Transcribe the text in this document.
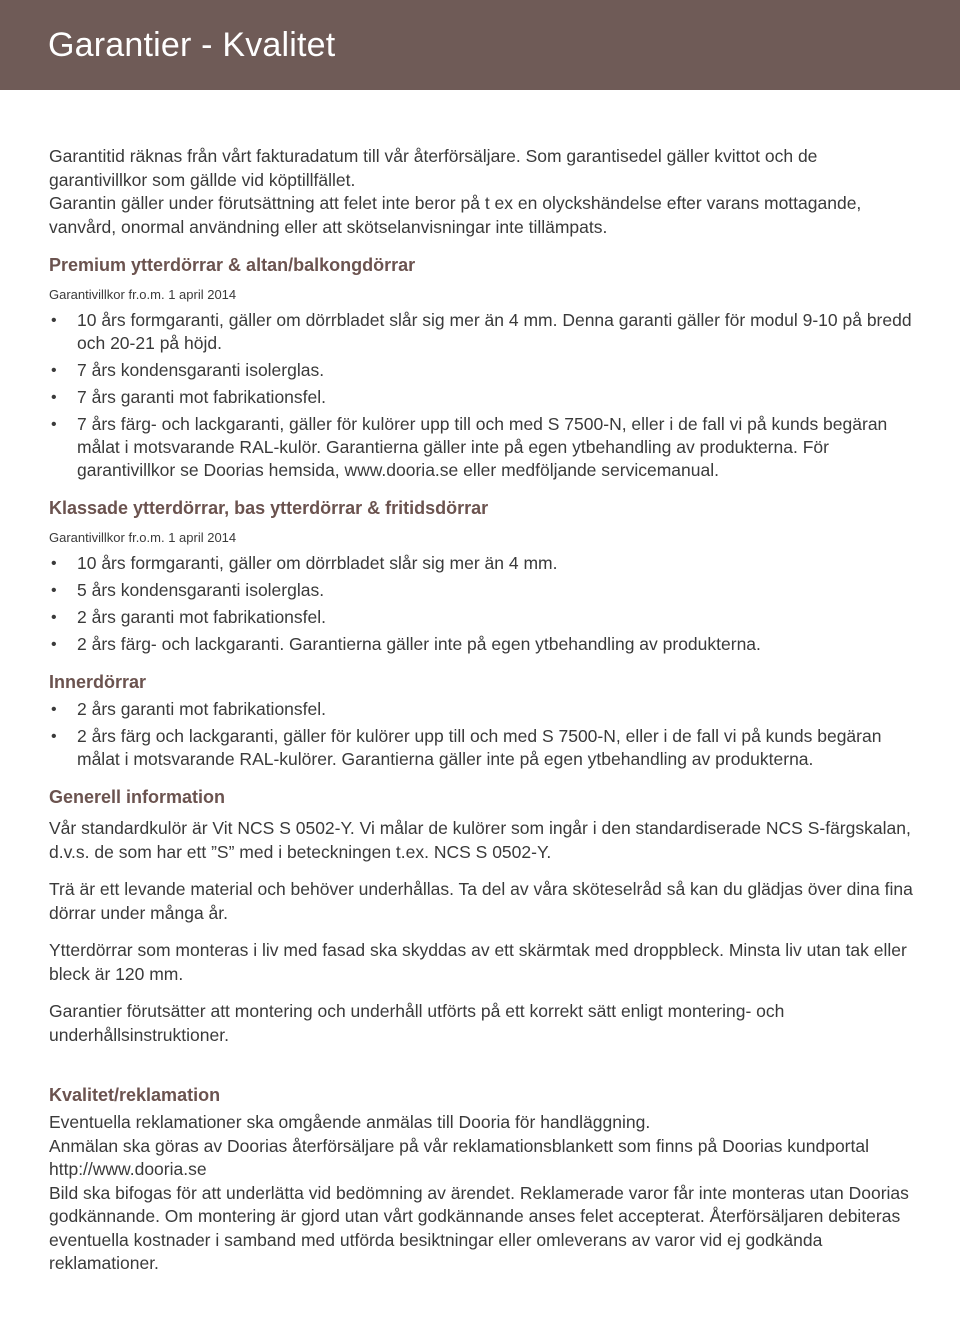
Garantier - Kvalitet

Garantitid räknas från vårt fakturadatum till vår återförsäljare. Som garantisedel gäller kvittot och de garantivillkor som gällde vid köptillfället.

Garantin gäller under förutsättning att felet inte beror på t ex en olyckshändelse efter varans mottagande, vanvård, onormal användning eller att skötselanvisningar inte tillämpats.

Premium ytterdörrar & altan/balkongdörrar
Garantivillkor fr.o.m. 1 april 2014
• 10 års formgaranti, gäller om dörrbladet slår sig mer än 4 mm. Denna garanti gäller för modul 9-10 på bredd och 20-21 på höjd.
• 7 års kondensgaranti isolerglas.
• 7 års garanti mot fabrikationsfel.
• 7 års färg- och lackgaranti, gäller för kulörer upp till och med S 7500-N, eller i de fall vi på kunds begäran målat i motsvarande RAL-kulör. Garantierna gäller inte på egen ytbehandling av produkterna. För garantivillkor se Doorias hemsida, www.dooria.se eller medföljande servicemanual.
Klassade ytterdörrar, bas ytterdörrar & fritidsdörrar
Garantivillkor fr.o.m. 1 april 2014
• 10 års formgaranti, gäller om dörrbladet slår sig mer än 4 mm.
• 5 års kondensgaranti isolerglas.
• 2 års garanti mot fabrikationsfel.
• 2 års färg- och lackgaranti. Garantierna gäller inte på egen ytbehandling av produkterna.
Innerdörrar
• 2 års garanti mot fabrikationsfel.
• 2 års färg och lackgaranti, gäller för kulörer upp till och med S 7500-N, eller i de fall vi på kunds begäran målat i motsvarande RAL-kulörer. Garantierna gäller inte på egen ytbehandling av produkterna.
Generell information

Vår standardkulör är Vit NCS S 0502-Y. Vi målar de kulörer som ingår i den standardiserade NCS S-färgskalan, d.v.s. de som har ett ”S” med i beteckningen t.ex. NCS S 0502-Y.

Trä är ett levande material och behöver underhållas. Ta del av våra sköteselråd så kan du glädjas över dina fina dörrar under många år.

Ytterdörrar som monteras i liv med fasad ska skyddas av ett skärmtak med droppbleck. Minsta liv utan tak eller bleck är 120 mm.

Garantier förutsätter att montering och underhåll utförts på ett korrekt sätt enligt montering- och underhållsinstruktioner.

Kvalitet/reklamation

Eventuella reklamationer ska omgående anmälas till Dooria för handläggning.

Anmälan ska göras av Doorias återförsäljare på vår reklamationsblankett som finns på Doorias kundportal http://www.dooria.se

Bild ska bifogas för att underlätta vid bedömning av ärendet. Reklamerade varor får inte monteras utan Doorias godkännande. Om montering är gjord utan vårt godkännande anses felet accepterat. Återförsäljaren debiteras eventuella kostnader i samband med utförda besiktningar eller omleverans av varor vid ej godkända reklamationer.
